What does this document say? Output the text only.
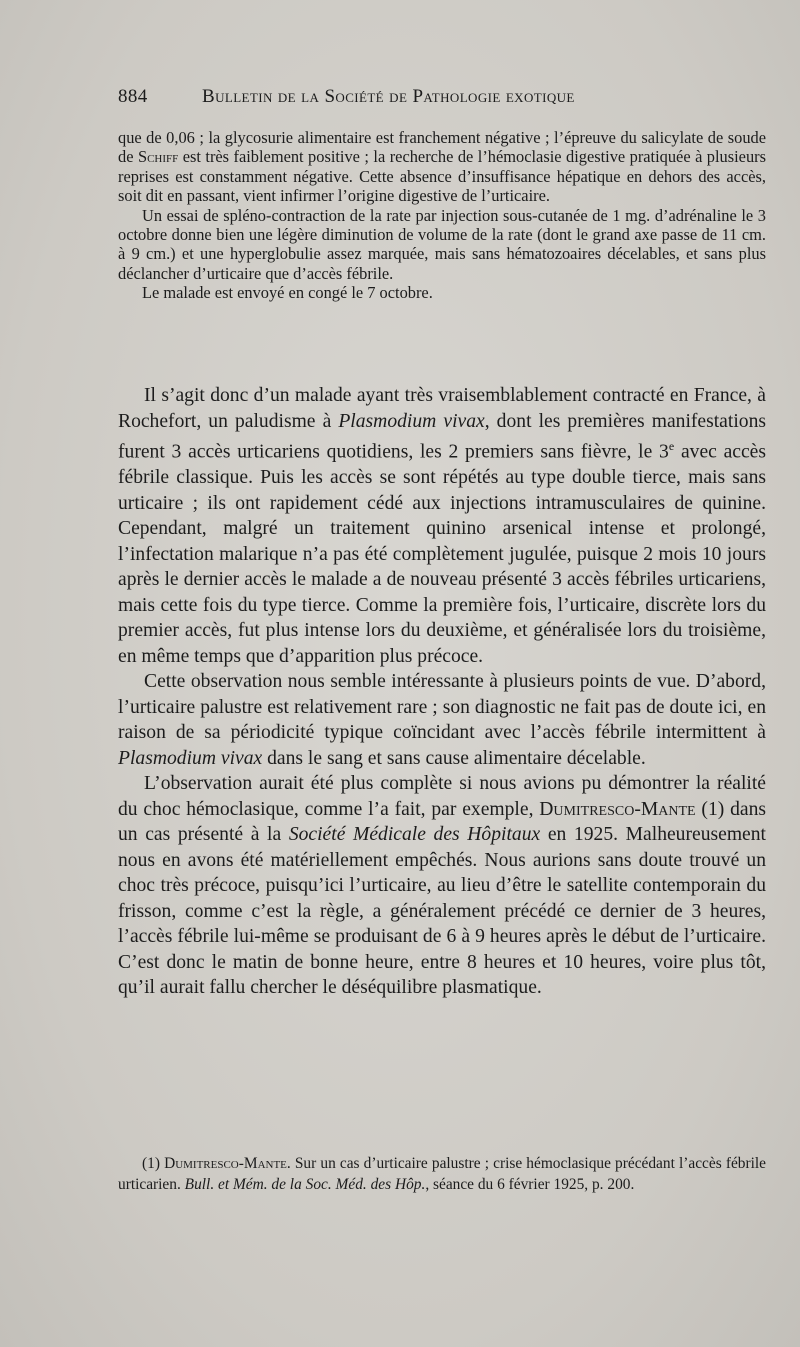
884	Bulletin de la Société de Pathologie exotique

que de 0,06 ; la glycosurie alimentaire est franchement négative ; l’épreuve du salicylate de soude de Schiff est très faiblement positive ; la recherche de l’hémoclasie digestive pratiquée à plusieurs reprises est constamment négative. Cette absence d’insuffisance hépatique en dehors des accès, soit dit en passant, vient infirmer l’origine digestive de l’urticaire.

Un essai de spléno-contraction de la rate par injection sous-cutanée de 1 mg. d’adrénaline le 3 octobre donne bien une légère diminution de volume de la rate (dont le grand axe passe de 11 cm. à 9 cm.) et une hyperglobulie assez marquée, mais sans hématozoaires décelables, et sans plus déclancher d’urticaire que d’accès fébrile.

Le malade est envoyé en congé le 7 octobre.

Il s’agit donc d’un malade ayant très vraisemblablement contracté en France, à Rochefort, un paludisme à Plasmodium vivax, dont les premières manifestations furent 3 accès urticariens quotidiens, les 2 premiers sans fièvre, le 3e avec accès fébrile classique. Puis les accès se sont répétés au type double tierce, mais sans urticaire ; ils ont rapidement cédé aux injections intramusculaires de quinine. Cependant, malgré un traitement quinino arsenical intense et prolongé, l’infectation malarique n’a pas été complètement jugulée, puisque 2 mois 10 jours après le dernier accès le malade a de nouveau présenté 3 accès fébriles urticariens, mais cette fois du type tierce. Comme la première fois, l’urticaire, discrète lors du premier accès, fut plus intense lors du deuxième, et généralisée lors du troisième, en même temps que d’apparition plus précoce.

Cette observation nous semble intéressante à plusieurs points de vue. D’abord, l’urticaire palustre est relativement rare ; son diagnostic ne fait pas de doute ici, en raison de sa périodicité typique coïncidant avec l’accès fébrile intermittent à Plasmodium vivax dans le sang et sans cause alimentaire décelable.

L’observation aurait été plus complète si nous avions pu démontrer la réalité du choc hémoclasique, comme l’a fait, par exemple, Dumitresco-Mante (1) dans un cas présenté à la Société Médicale des Hôpitaux en 1925. Malheureusement nous en avons été matériellement empêchés. Nous aurions sans doute trouvé un choc très précoce, puisqu’ici l’urticaire, au lieu d’être le satellite contemporain du frisson, comme c’est la règle, a généralement précédé ce dernier de 3 heures, l’accès fébrile lui-même se produisant de 6 à 9 heures après le début de l’urticaire. C’est donc le matin de bonne heure, entre 8 heures et 10 heures, voire plus tôt, qu’il aurait fallu chercher le déséquilibre plasmatique.

(1) Dumitresco-Mante. Sur un cas d’urticaire palustre ; crise hémoclasique précédant l’accès fébrile urticarien. Bull. et Mém. de la Soc. Méd. des Hôp., séance du 6 février 1925, p. 200.
